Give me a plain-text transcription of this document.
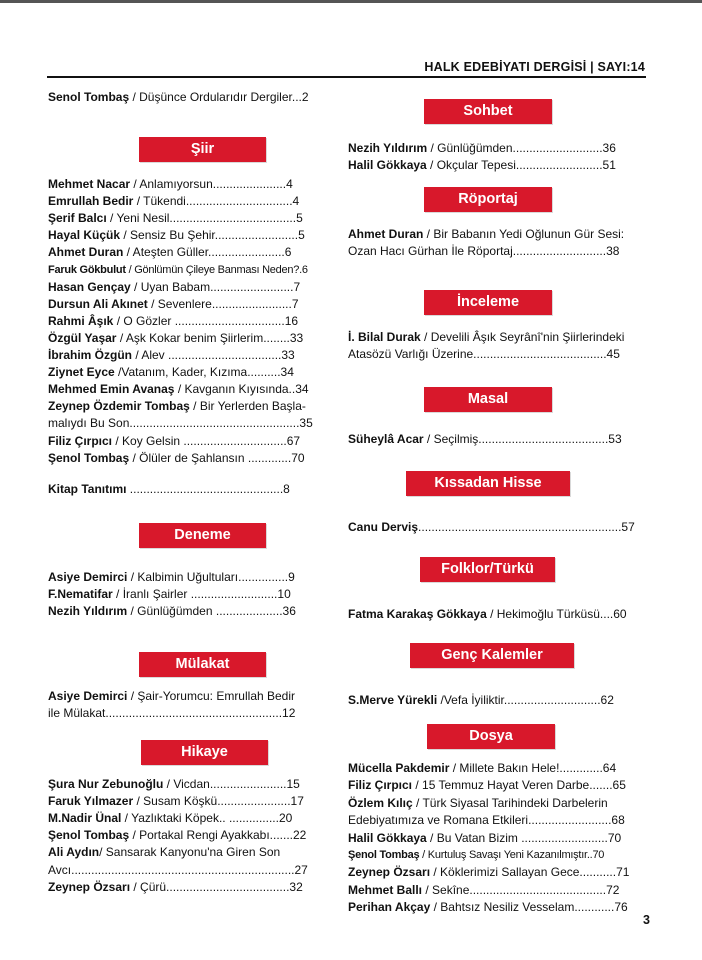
HALK EDEBİYATI DERGİSİ | SAYI:14
Senol Tombaş / Düşünce Ordularıdır Dergiler...2
Şiir
Mehmet Nacar / Anlamıyorsun......................4
Emrullah Bedir / Tükendi................................4
Şerif Balcı / Yeni Nesil......................................5
Hayal Küçük / Sensiz Bu Şehir.........................5
Ahmet Duran / Ateşten Güller.......................6
Faruk Gökbulut / Gönlümün Çileye Banması Neden?.6
Hasan Gençay / Uyan Babam.........................7
Dursun Ali Akınet / Sevenlere........................7
Rahmi Âşık / O Gözler .................................16
Özgül Yaşar / Aşk Kokar benim Şiirlerim........33
İbrahim Özgün / Alev ..................................33
Ziynet Eyce /Vatanım, Kader, Kızıma..........34
Mehmed Emin Avanaş / Kavganın Kıyısında..34
Zeynep Özdemir Tombaş / Bir Yerlerden Başla-
malıydı Bu Son...................................................35
Filiz Çırpıcı / Koy Gelsin ...............................67
Şenol Tombaş / Ölüler de Şahlansın .............70
Kitap Tanıtımı ..............................................8
Deneme
Asiye Demirci / Kalbimin Uğultuları...............9
F.Nematifar / İranlı Şairler ..........................10
Nezih Yıldırım / Günlüğümden ....................36
Mülakat
Asiye Demirci / Şair-Yorumcu: Emrullah Bedir
ile Mülakat.....................................................12
Hikaye
Şura Nur Zebunoğlu / Vicdan.......................15
Faruk Yılmazer / Susam Köşkü......................17
M.Nadir Ünal / Yazlıktaki Köpek.. ...............20
Şenol Tombaş / Portakal Rengi Ayakkabı.......22
Ali Aydın/ Sansarak Kanyonu'na Giren Son
Avcı...................................................................27
Zeynep Özsarı / Çürü.....................................32
Sohbet
Nezih Yıldırım / Günlüğümden...........................36
Halil Gökkaya / Okçular Tepesi..........................51
Röportaj
Ahmet Duran / Bir Babanın Yedi Oğlunun Gür Sesi:
Ozan Hacı Gürhan İle Röportaj............................38
İnceleme
İ. Bilal Durak / Develili Âşık Seyrânî'nin Şiirlerindeki
Atasözü Varlığı Üzerine........................................45
Masal
Süheylâ Acar / Seçilmiş.......................................53
Kıssadan Hisse
Canu Derviş.............................................................57
Folklor/Türkü
Fatma Karakaş Gökkaya / Hekimoğlu Türküsü....60
Genç Kalemler
S.Merve Yürekli /Vefa İyiliktir.............................62
Dosya
Mücella Pakdemir / Millete Bakın Hele!.............64
Filiz Çırpıcı / 15 Temmuz Hayat Veren Darbe.......65
Özlem Kılıç / Türk Siyasal Tarihindeki Darbelerin
Edebiyatımıza ve Romana Etkileri.........................68
Halil Gökkaya / Bu Vatan Bizim ..........................70
Şenol Tombaş / Kurtuluş Savaşı Yeni Kazanılmıştır..70
Zeynep Özsarı / Köklerimizi Sallayan Gece...........71
Mehmet Ballı / Sekîne.........................................72
Perihan Akçay / Bahtsız Nesiliz Vesselam............76
3
